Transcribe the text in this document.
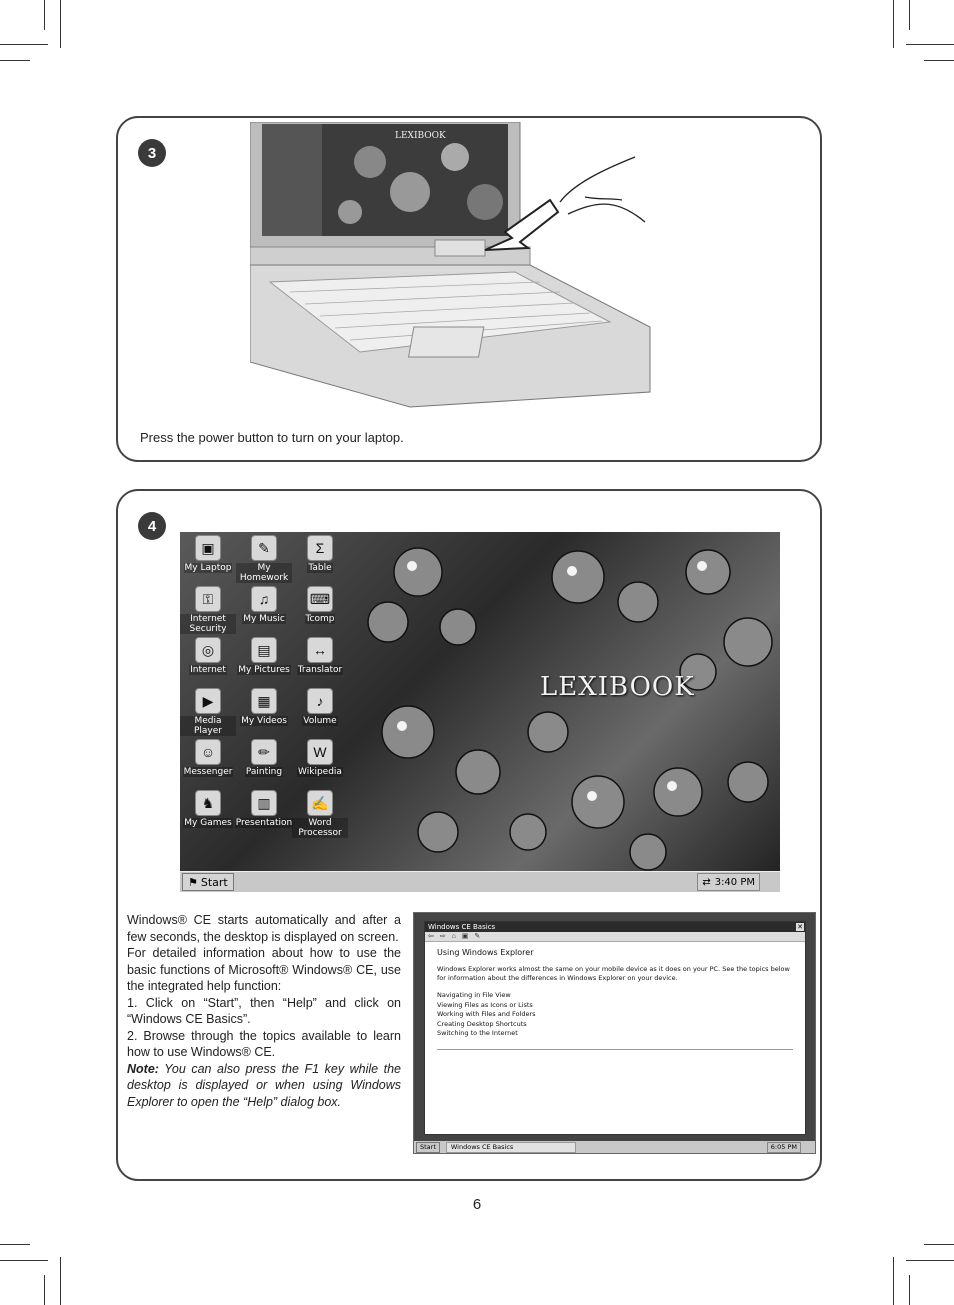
3
LEXIBOOK
Press the power button to turn on your laptop.
4
LEXIBOOK
▣
My Laptop
✎
My Homework
Σ
Table
⚿
Internet Security
♫
My Music
⌨
Tcomp
◎
Internet
▤
My Pictures
↔
Translator
▶
Media Player
▦
My Videos
♪
Volume
☺
Messenger
✏
Painting
W
Wikipedia
♞
My Games
▥
Presentation
✍
Word Processor
⚑ Start	⇄ 3:40 PM

Windows® CE starts automatically and after a few seconds, the desktop is displayed on screen.

For detailed information about how to use the basic functions of Microsoft® Windows® CE, use the integrated help function:

1. Click on “Start”, then “Help” and click on “Windows CE Basics”.

2. Browse through the topics available to learn how to use Windows® CE.

Note: You can also press the F1 key while the desktop is displayed or when using Windows Explorer to open the “Help” dialog box.

Windows CE Basics	✕
⇦ ⇨ ⌂ ▣ ✎
Using Windows Explorer
Windows Explorer works almost the same on your mobile device as it does on your PC. See the topics below for information about the differences in Windows Explorer on your device.
Navigating in File View
Viewing Files as Icons or Lists
Working with Files and Folders
Creating Desktop Shortcuts
Switching to the Internet
Start	Windows CE Basics	6:05 PM
6
